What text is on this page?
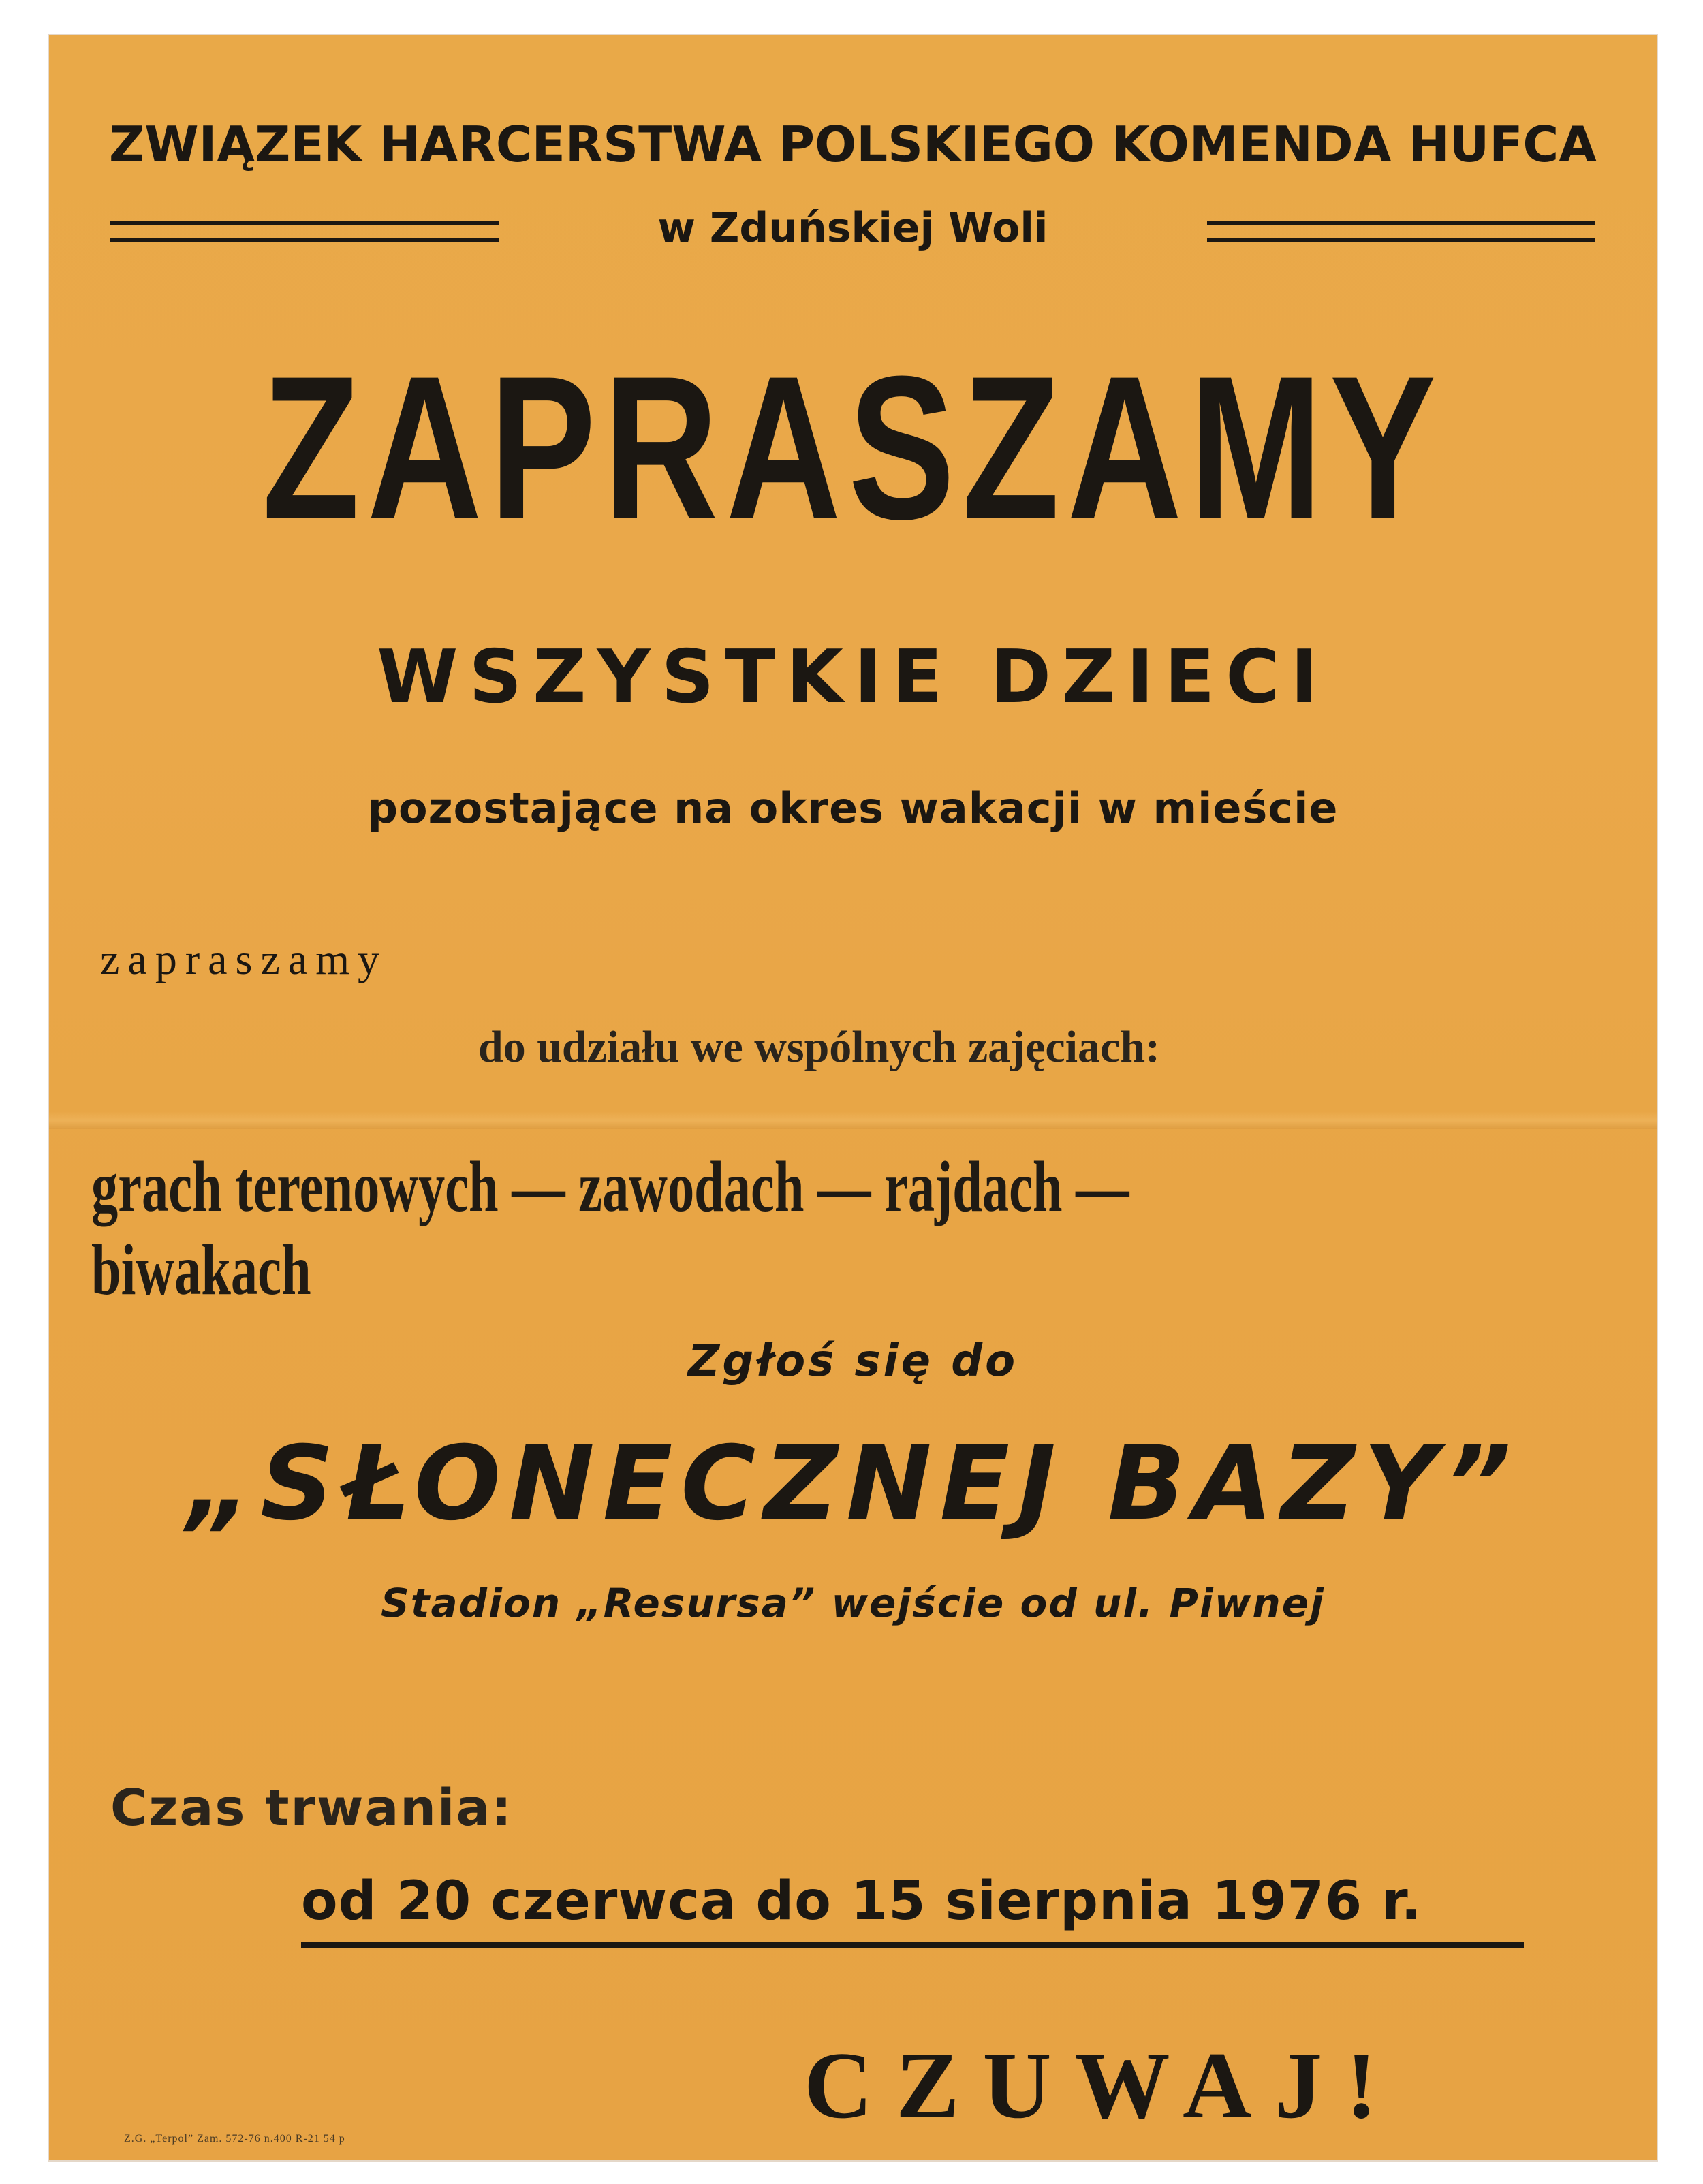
ZWIĄZEK HARCERSTWA POLSKIEGO KOMENDA HUFCA
w Zduńskiej Woli
ZAPRASZAMY
WSZYSTKIE DZIECI
pozostające na okres wakacji w mieście
zapraszamy
do udziału we wspólnych zajęciach:
grach terenowych — zawodach — rajdach — biwakach
Zgłoś się do
„SŁONECZNEJ BAZY”
Stadion „Resursa” wejście od ul. Piwnej
Czas trwania:
od 20 czerwca do 15 sierpnia 1976 r.
CZUWAJ!
Z.G. „Terpol” Zam. 572-76 n.400 R-21 54 p
